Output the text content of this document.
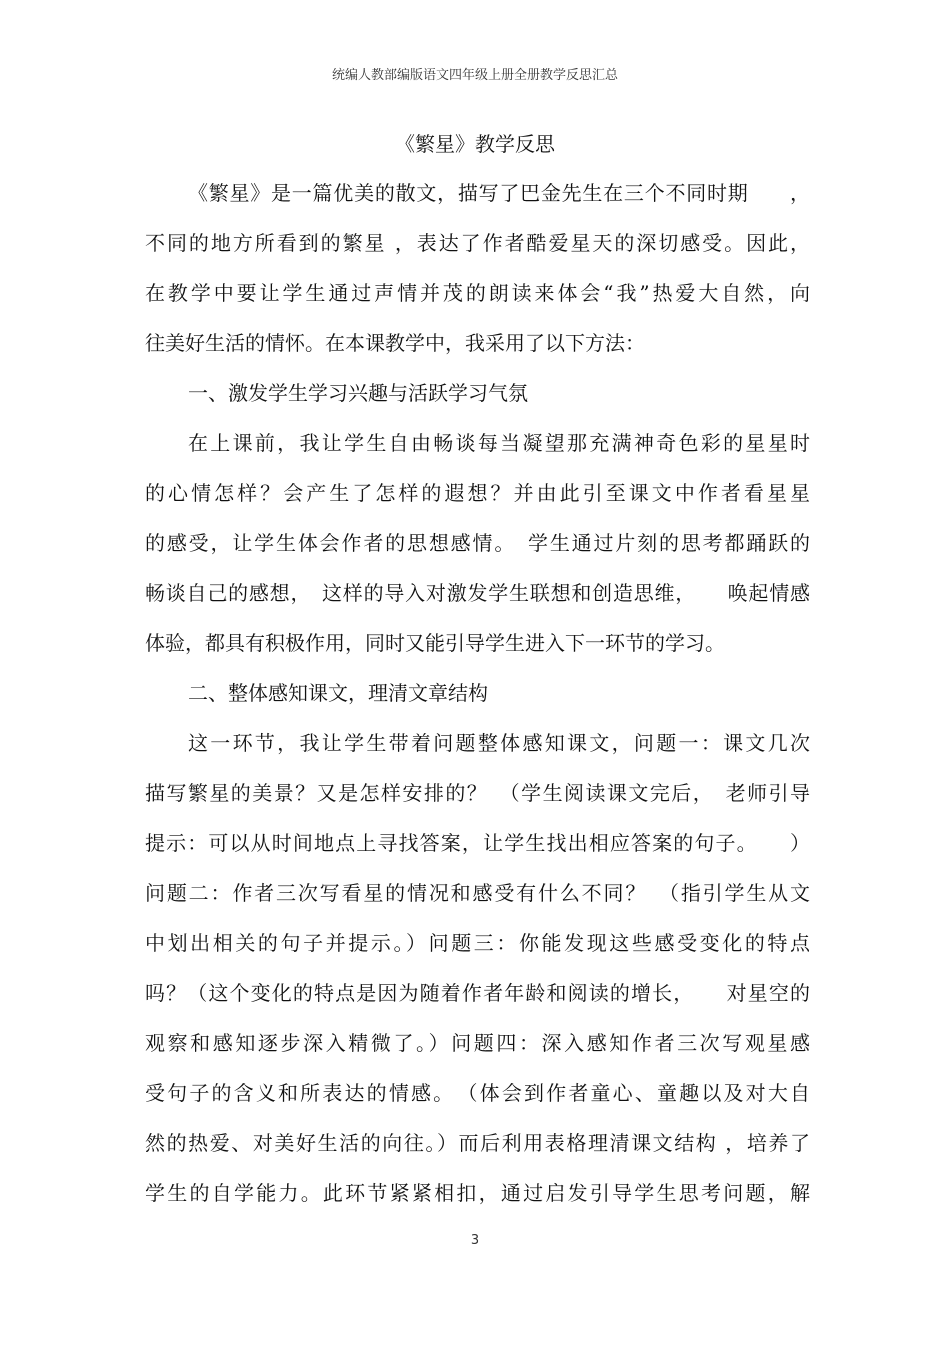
统编人教部编版语文四年级上册全册教学反思汇总
《繁星》教学反思
《繁星》是一篇优美的散文，描写了巴金先生在三个不同时期　　，
不同的地方所看到的繁星 ，表达了作者酷爱星天的深切感受。因此，
在教学中要让学生通过声情并茂的朗读来体会“我”热爱大自然，向
往美好生活的情怀。在本课教学中，我采用了以下方法：
一、激发学生学习兴趣与活跃学习气氛
在上课前，我让学生自由畅谈每当凝望那充满神奇色彩的星星时
的心情怎样？会产生了怎样的遐想？并由此引至课文中作者看星星
的感受，让学生体会作者的思想感情。　学生通过片刻的思考都踊跃的
畅谈自己的感想，　这样的导入对激发学生联想和创造思维，　　唤起情感
体验，都具有积极作用，同时又能引导学生进入下一环节的学习。
二、整体感知课文，理清文章结构
这一环节，我让学生带着问题整体感知课文，问题一：课文几次
描写繁星的美景？又是怎样安排的？　（学生阅读课文完后，　老师引导
提示：可以从时间地点上寻找答案，让学生找出相应答案的句子。　　）
问题二：作者三次写看星的情况和感受有什么不同？　（指引学生从文
中划出相关的句子并提示。）问题三：你能发现这些感受变化的特点
吗？（这个变化的特点是因为随着作者年龄和阅读的增长，　　对星空的
观察和感知逐步深入精微了。）问题四：深入感知作者三次写观星感
受句子的含义和所表达的情感。　（体会到作者童心、童趣以及对大自
然的热爱、对美好生活的向往。）而后利用表格理清课文结构 ，培养了
学生的自学能力。此环节紧紧相扣，通过启发引导学生思考问题，解
3
